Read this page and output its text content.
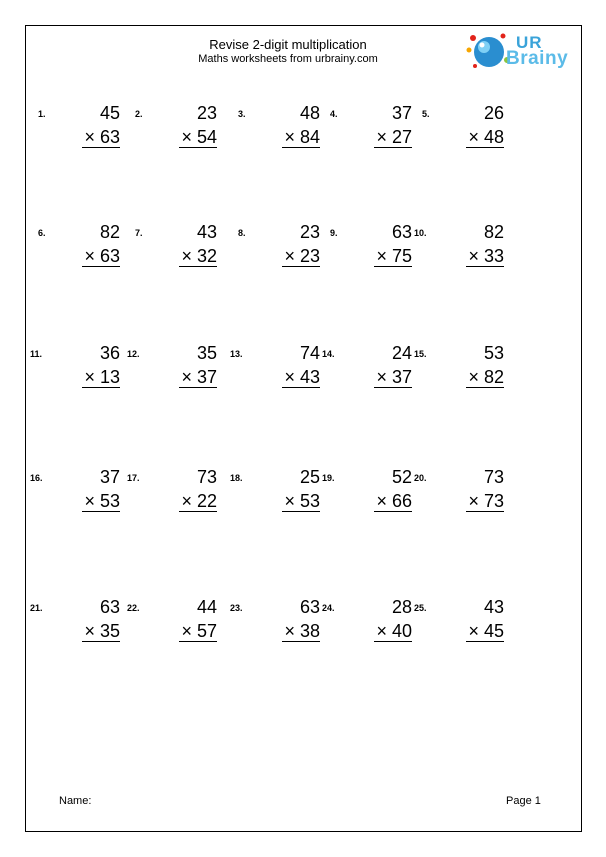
Revise 2-digit multiplication
Maths worksheets from urbrainy.com
UR
Brainy
1.	45
× 63
2.	23
× 54
3.	48
× 84
4.	37
× 27
5.	26
× 48
6.	82
× 63
7.	43
× 32
8.	23
× 23
9.	63
× 75
10.	82
× 33
11.	36
× 13
12.	35
× 37
13.	74
× 43
14.	24
× 37
15.	53
× 82
16.	37
× 53
17.	73
× 22
18.	25
× 53
19.	52
× 66
20.	73
× 73
21.	63
× 35
22.	44
× 57
23.	63
× 38
24.	28
× 40
25.	43
× 45
Name:	Page 1
